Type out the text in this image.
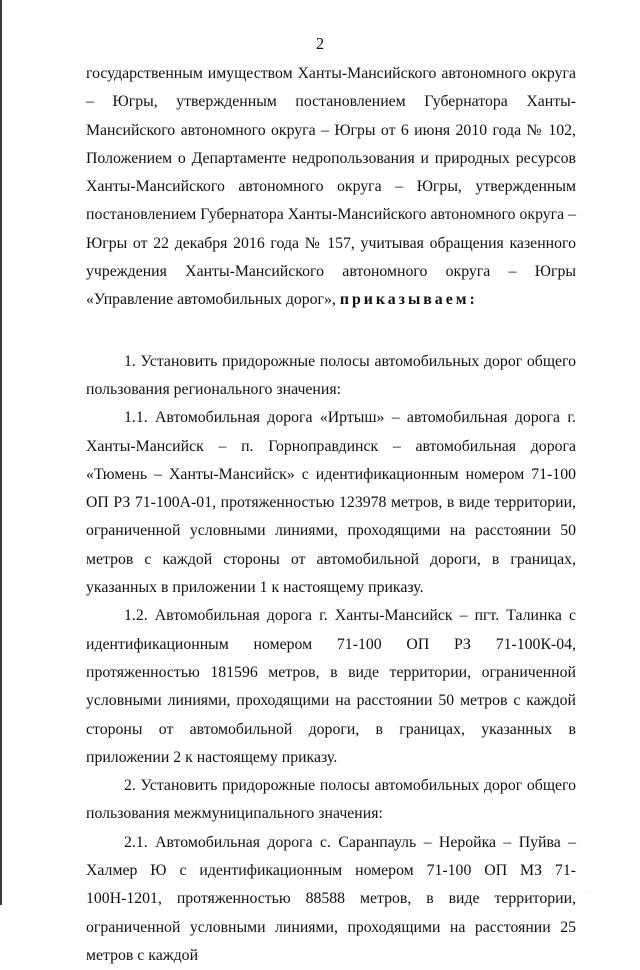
2

государственным имуществом Ханты-Мансийского автономного округа – Югры, утвержденным постановлением Губернатора Ханты-Мансийского автономного округа – Югры от 6 июня 2010 года № 102, Положением о Департаменте недропользования и природных ресурсов Ханты-Мансийского автономного округа – Югры, утвержденным постановлением Губернатора Ханты-Мансийского автономного округа – Югры от 22 декабря 2016 года № 157, учитывая обращения казенного учреждения Ханты-Мансийского автономного округа – Югры «Управление автомобильных дорог», приказываем:

1. Установить придорожные полосы автомобильных дорог общего пользования регионального значения:

1.1. Автомобильная дорога «Иртыш» – автомобильная дорога г. Ханты-Мансийск – п. Горноправдинск – автомобильная дорога «Тюмень – Ханты-Мансийск» с идентификационным номером 71-100 ОП РЗ 71-100А-01, протяженностью 123978 метров, в виде территории, ограниченной условными линиями, проходящими на расстоянии 50 метров с каждой стороны от автомобильной дороги, в границах, указанных в приложении 1 к настоящему приказу.

1.2. Автомобильная дорога г. Ханты-Мансийск – пгт. Талинка с идентификационным номером 71-100 ОП РЗ 71-100К-04, протяженностью 181596 метров, в виде территории, ограниченной условными линиями, проходящими на расстоянии 50 метров с каждой стороны от автомобильной дороги, в границах, указанных в приложении 2 к настоящему приказу.

2. Установить придорожные полосы автомобильных дорог общего пользования межмуниципального значения:

2.1. Автомобильная дорога с. Саранпауль – Неройка – Пуйва – Халмер Ю с идентификационным номером 71-100 ОП МЗ 71-100Н-1201, протяженностью 88588 метров, в виде территории, ограниченной условными линиями, проходящими на расстоянии 25 метров с каждой

· · · · ·
